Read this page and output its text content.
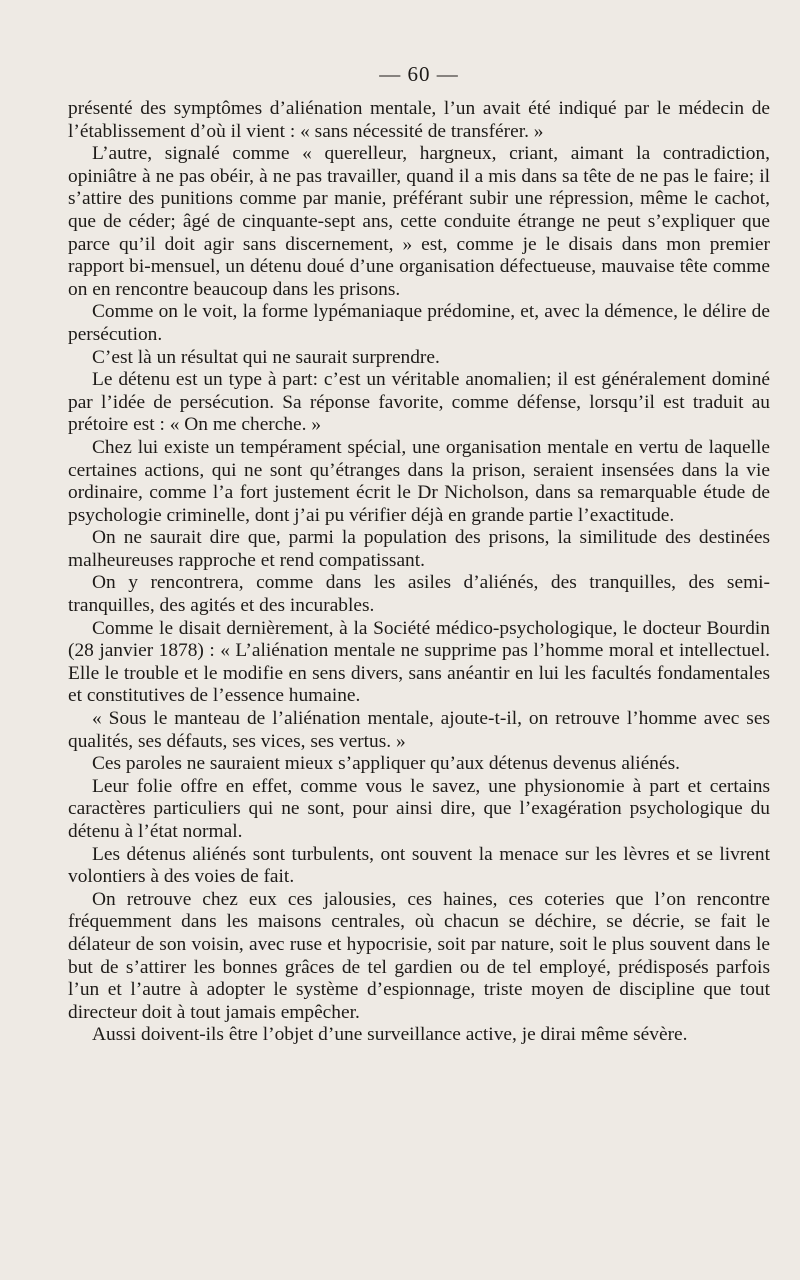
— 60 —

présenté des symptômes d’aliénation mentale, l’un avait été indiqué par le médecin de l’établissement d’où il vient : « sans nécessité de transférer. »

L’autre, signalé comme « querelleur, hargneux, criant, aimant la contradiction, opiniâtre à ne pas obéir, à ne pas travailler, quand il a mis dans sa tête de ne pas le faire; il s’attire des punitions comme par manie, préférant subir une répression, même le cachot, que de céder; âgé de cinquante-sept ans, cette conduite étrange ne peut s’expliquer que parce qu’il doit agir sans discernement, » est, comme je le disais dans mon premier rapport bi-mensuel, un détenu doué d’une organisation défectueuse, mauvaise tête comme on en rencontre beaucoup dans les prisons.

Comme on le voit, la forme lypémaniaque prédomine, et, avec la démence, le délire de persécution.

C’est là un résultat qui ne saurait surprendre.

Le détenu est un type à part: c’est un véritable anomalien; il est généralement dominé par l’idée de persécution. Sa réponse favorite, comme défense, lorsqu’il est traduit au prétoire est : « On me cherche. »

Chez lui existe un tempérament spécial, une organisation mentale en vertu de laquelle certaines actions, qui ne sont qu’étranges dans la prison, seraient insensées dans la vie ordinaire, comme l’a fort justement écrit le Dr Nicholson, dans sa remarquable étude de psychologie criminelle, dont j’ai pu vérifier déjà en grande partie l’exactitude.

On ne saurait dire que, parmi la population des prisons, la similitude des destinées malheureuses rapproche et rend compatissant.

On y rencontrera, comme dans les asiles d’aliénés, des tranquilles, des semi-tranquilles, des agités et des incurables.

Comme le disait dernièrement, à la Société médico-psychologique, le docteur Bourdin (28 janvier 1878) : « L’aliénation mentale ne supprime pas l’homme moral et intellectuel. Elle le trouble et le modifie en sens divers, sans anéantir en lui les facultés fondamentales et constitutives de l’essence humaine.

« Sous le manteau de l’aliénation mentale, ajoute-t-il, on retrouve l’homme avec ses qualités, ses défauts, ses vices, ses vertus. »

Ces paroles ne sauraient mieux s’appliquer qu’aux détenus devenus aliénés.

Leur folie offre en effet, comme vous le savez, une physionomie à part et certains caractères particuliers qui ne sont, pour ainsi dire, que l’exagération psychologique du détenu à l’état normal.

Les détenus aliénés sont turbulents, ont souvent la menace sur les lèvres et se livrent volontiers à des voies de fait.

On retrouve chez eux ces jalousies, ces haines, ces coteries que l’on rencontre fréquemment dans les maisons centrales, où chacun se déchire, se décrie, se fait le délateur de son voisin, avec ruse et hypocrisie, soit par nature, soit le plus souvent dans le but de s’attirer les bonnes grâces de tel gardien ou de tel employé, prédisposés parfois l’un et l’autre à adopter le système d’espionnage, triste moyen de discipline que tout directeur doit à tout jamais empêcher.

Aussi doivent-ils être l’objet d’une surveillance active, je dirai même sévère.
